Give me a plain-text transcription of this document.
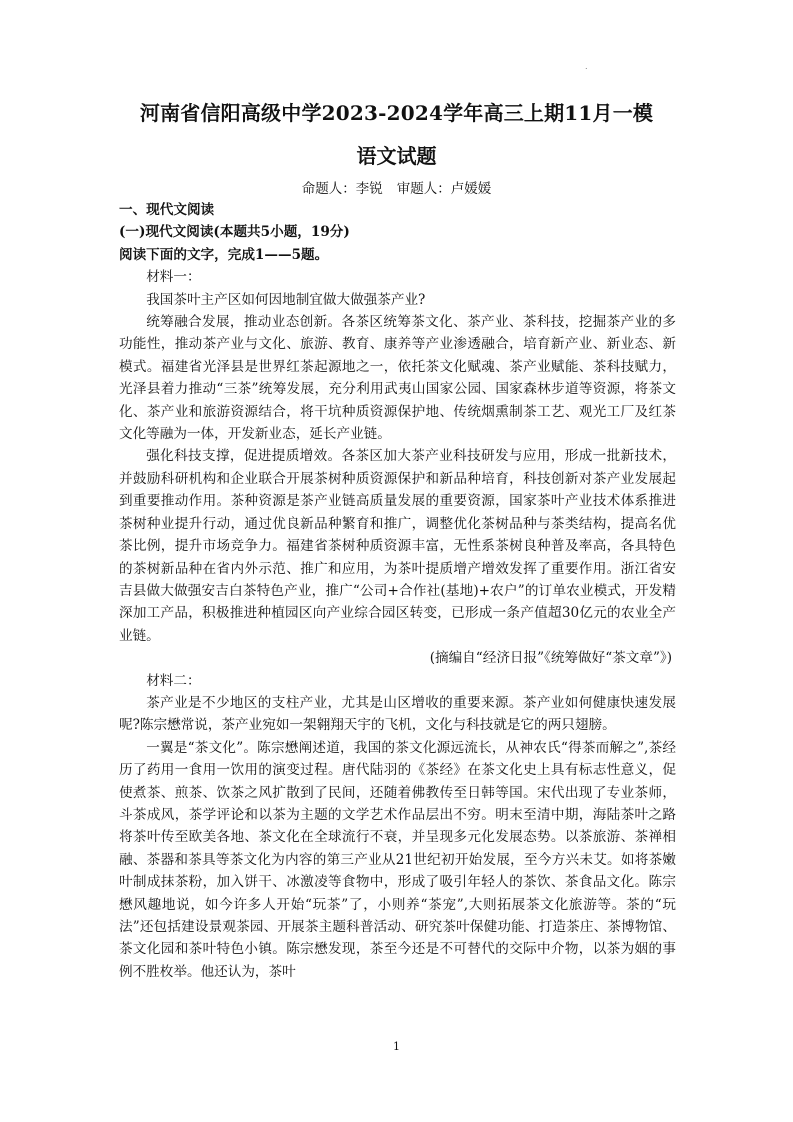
.
河南省信阳高级中学2023-2024学年高三上期11月一模
语文试题
命题人：李锐 审题人：卢媛媛

一、现代文阅读

(一)现代文阅读(本题共5小题，19分)

阅读下面的文字，完成1——5题。

材料一：

我国茶叶主产区如何因地制宜做大做强茶产业?

统筹融合发展，推动业态创新。各茶区统筹茶文化、茶产业、茶科技，挖掘茶产业的多功能性，推动茶产业与文化、旅游、教育、康养等产业渗透融合，培育新产业、新业态、新模式。福建省光泽县是世界红茶起源地之一，依托茶文化赋魂、茶产业赋能、茶科技赋力，光泽县着力推动“三茶”统筹发展，充分利用武夷山国家公园、国家森林步道等资源，将茶文化、茶产业和旅游资源结合，将干坑种质资源保护地、传统烟熏制茶工艺、观光工厂及红茶文化等融为一体，开发新业态，延长产业链。

强化科技支撑，促进提质增效。各茶区加大茶产业科技研发与应用，形成一批新技术，并鼓励科研机构和企业联合开展茶树种质资源保护和新品种培育，科技创新对茶产业发展起到重要推动作用。茶种资源是茶产业链高质量发展的重要资源，国家茶叶产业技术体系推进茶树种业提升行动，通过优良新品种繁育和推广，调整优化茶树品种与茶类结构，提高名优茶比例，提升市场竞争力。福建省茶树种质资源丰富，无性系茶树良种普及率高，各具特色的茶树新品种在省内外示范、推广和应用，为茶叶提质增产增效发挥了重要作用。浙江省安吉县做大做强安吉白茶特色产业，推广“公司+合作社(基地)+农户”的订单农业模式，开发精深加工产品，积极推进种植园区向产业综合园区转变，已形成一条产值超30亿元的农业全产业链。

(摘编自“经济日报”《统筹做好“茶文章”》)

材料二：

茶产业是不少地区的支柱产业，尤其是山区增收的重要来源。茶产业如何健康快速发展呢?陈宗懋常说，茶产业宛如一架翱翔天宇的飞机，文化与科技就是它的两只翅膀。

一翼是“茶文化”。陈宗懋阐述道，我国的茶文化源远流长，从神农氏“得茶而解之”,茶经历了药用一食用一饮用的演变过程。唐代陆羽的《茶经》在茶文化史上具有标志性意义，促使煮茶、煎茶、饮茶之风扩散到了民间，还随着佛教传至日韩等国。宋代出现了专业茶师，斗茶成风，茶学评论和以茶为主题的文学艺术作品层出不穷。明末至清中期，海陆茶叶之路将茶叶传至欧美各地、茶文化在全球流行不衰，并呈现多元化发展态势。以茶旅游、茶禅相融、茶器和茶具等茶文化为内容的第三产业从21世纪初开始发展，至今方兴未艾。如将茶嫩叶制成抹茶粉，加入饼干、冰激凌等食物中，形成了吸引年轻人的茶饮、茶食品文化。陈宗懋风趣地说，如今许多人开始“玩茶”了，小则养“茶宠”,大则拓展茶文化旅游等。茶的“玩法”还包括建设景观茶园、开展茶主题科普活动、研究茶叶保健功能、打造茶庄、茶博物馆、茶文化园和茶叶特色小镇。陈宗懋发现，茶至今还是不可替代的交际中介物，以茶为姻的事例不胜枚举。他还认为，茶叶

1
